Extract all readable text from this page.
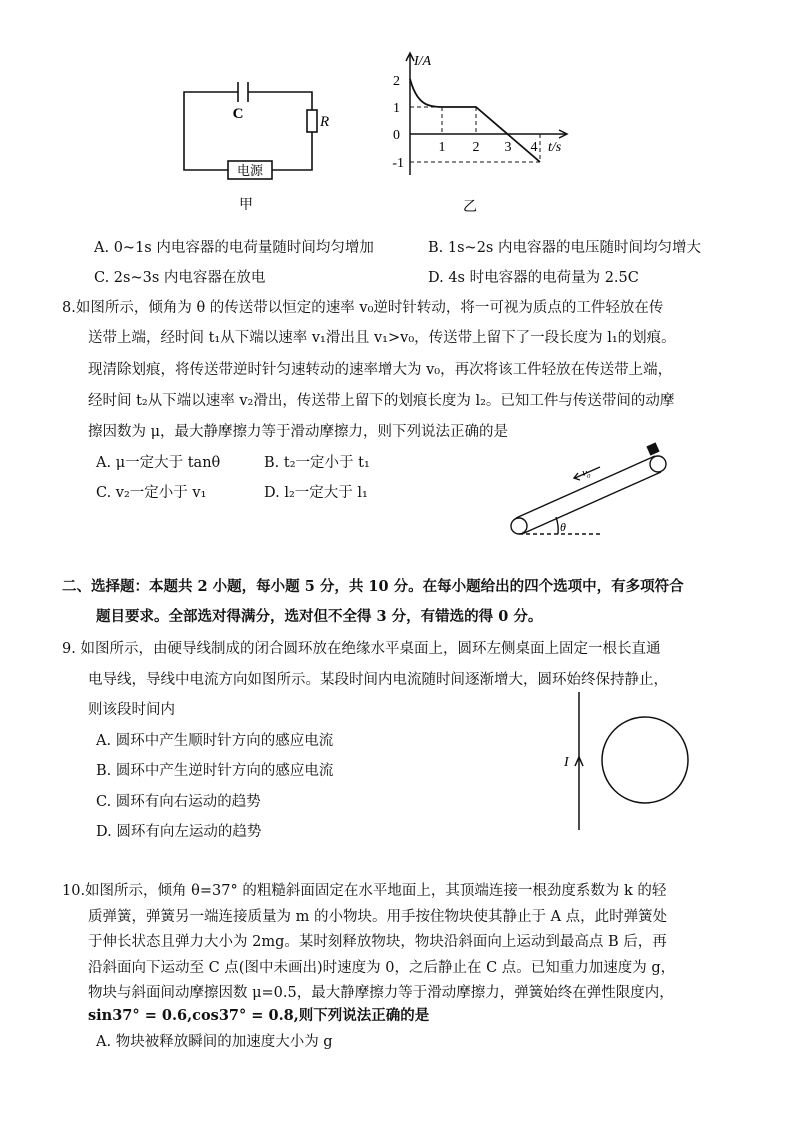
C	R
电源
甲
I/A
t/s
2
1
0
-1
1 2 3 4
乙
A. 0~1s 内电容器的电荷量随时间均匀增加	B. 1s~2s 内电容器的电压随时间均匀增大
C. 2s~3s 内电容器在放电	D. 4s 时电容器的电荷量为 2.5C
8.如图所示，倾角为 θ 的传送带以恒定的速率 v₀逆时针转动，将一可视为质点的工件轻放在传
送带上端，经时间 t₁从下端以速率 v₁滑出且 v₁>v₀，传送带上留下了一段长度为 l₁的划痕。
现清除划痕，将传送带逆时针匀速转动的速率增大为 v₀，再次将该工件轻放在传送带上端，
经时间 t₂从下端以速率 v₂滑出，传送带上留下的划痕长度为 l₂。已知工件与传送带间的动摩
擦因数为 μ，最大静摩擦力等于滑动摩擦力，则下列说法正确的是
A. μ一定大于 tanθ	B. t₂一定小于 t₁
C. v₂一定小于 v₁	D. l₂一定大于 l₁
v₀
θ
二、选择题：本题共 2 小题，每小题 5 分，共 10 分。在每小题给出的四个选项中，有多项符合
题目要求。全部选对得满分，选对但不全得 3 分，有错选的得 0 分。
9. 如图所示，由硬导线制成的闭合圆环放在绝缘水平桌面上，圆环左侧桌面上固定一根长直通
电导线，导线中电流方向如图所示。某段时间内电流随时间逐渐增大，圆环始终保持静止，
则该段时间内
A. 圆环中产生顺时针方向的感应电流
B. 圆环中产生逆时针方向的感应电流
C. 圆环有向右运动的趋势
D. 圆环有向左运动的趋势
I
10.如图所示，倾角 θ=37° 的粗糙斜面固定在水平地面上，其顶端连接一根劲度系数为 k 的轻
质弹簧，弹簧另一端连接质量为 m 的小物块。用手按住物块使其静止于 A 点，此时弹簧处
于伸长状态且弹力大小为 2mg。某时刻释放物块，物块沿斜面向上运动到最高点 B 后，再
沿斜面向下运动至 C 点(图中未画出)时速度为 0，之后静止在 C 点。已知重力加速度为 g，
物块与斜面间动摩擦因数 μ=0.5，最大静摩擦力等于滑动摩擦力，弹簧始终在弹性限度内，
sin37° = 0.6,cos37° = 0.8,则下列说法正确的是
A. 物块被释放瞬间的加速度大小为 g
